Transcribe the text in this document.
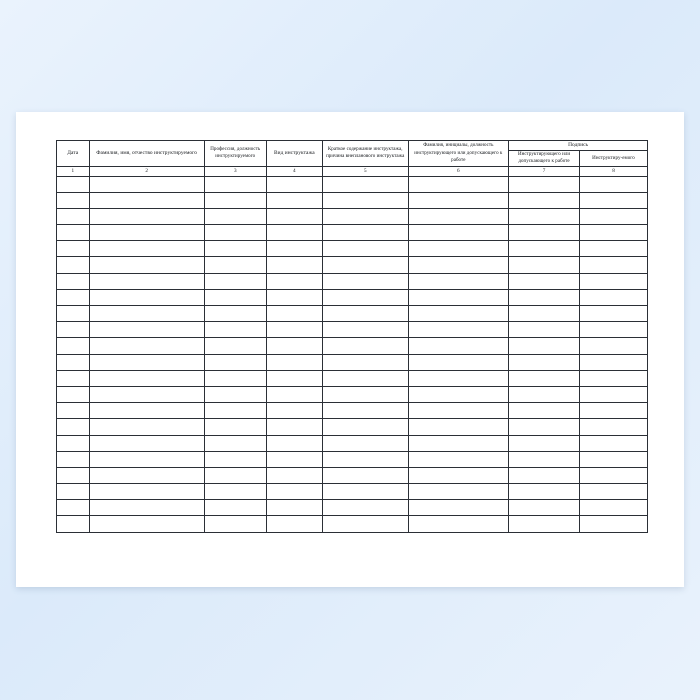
Дата	Фамилия, имя, отчество инструктируемого	Профессия, должность инструктируемого	Вид инструктажа	Краткое содержание инструктажа, причина внепланового инструктажа	Фамилия, инициалы, должность инструктирующего или допускающего к работе	Подпись	
						Инструктирующего или допускающего к работе	Инструктиру-емого
1	2	3	4	5	6	7	8
